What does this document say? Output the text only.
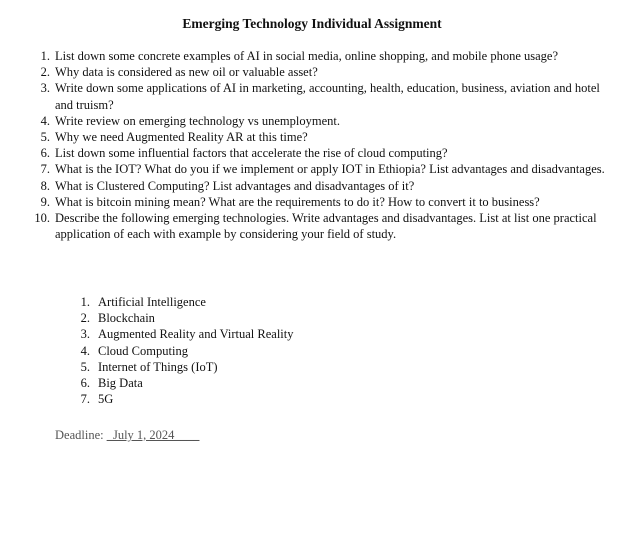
Emerging Technology Individual Assignment
1. List down some concrete examples of AI in social media, online shopping, and mobile phone usage?
2. Why data is considered as new oil or valuable asset?
3. Write down some applications of AI in marketing, accounting, health, education, business, aviation and hotel and truism?
4. Write review on emerging technology vs unemployment.
5. Why we need Augmented Reality AR at this time?
6. List down some influential factors that accelerate the rise of cloud computing?
7. What is the IOT? What do you if we implement or apply IOT in Ethiopia? List advantages and disadvantages.
8. What is Clustered Computing? List advantages and disadvantages of it?
9. What is bitcoin mining mean? What are the requirements to do it? How to convert it to business?
10. Describe the following emerging technologies. Write advantages and disadvantages. List at list one practical application of each with example by considering your field of study.
1. Artificial Intelligence
2. Blockchain
3. Augmented Reality and Virtual Reality
4. Cloud Computing
5. Internet of Things (IoT)
6. Big Data
7. 5G
Deadline: _July 1, 2024____
